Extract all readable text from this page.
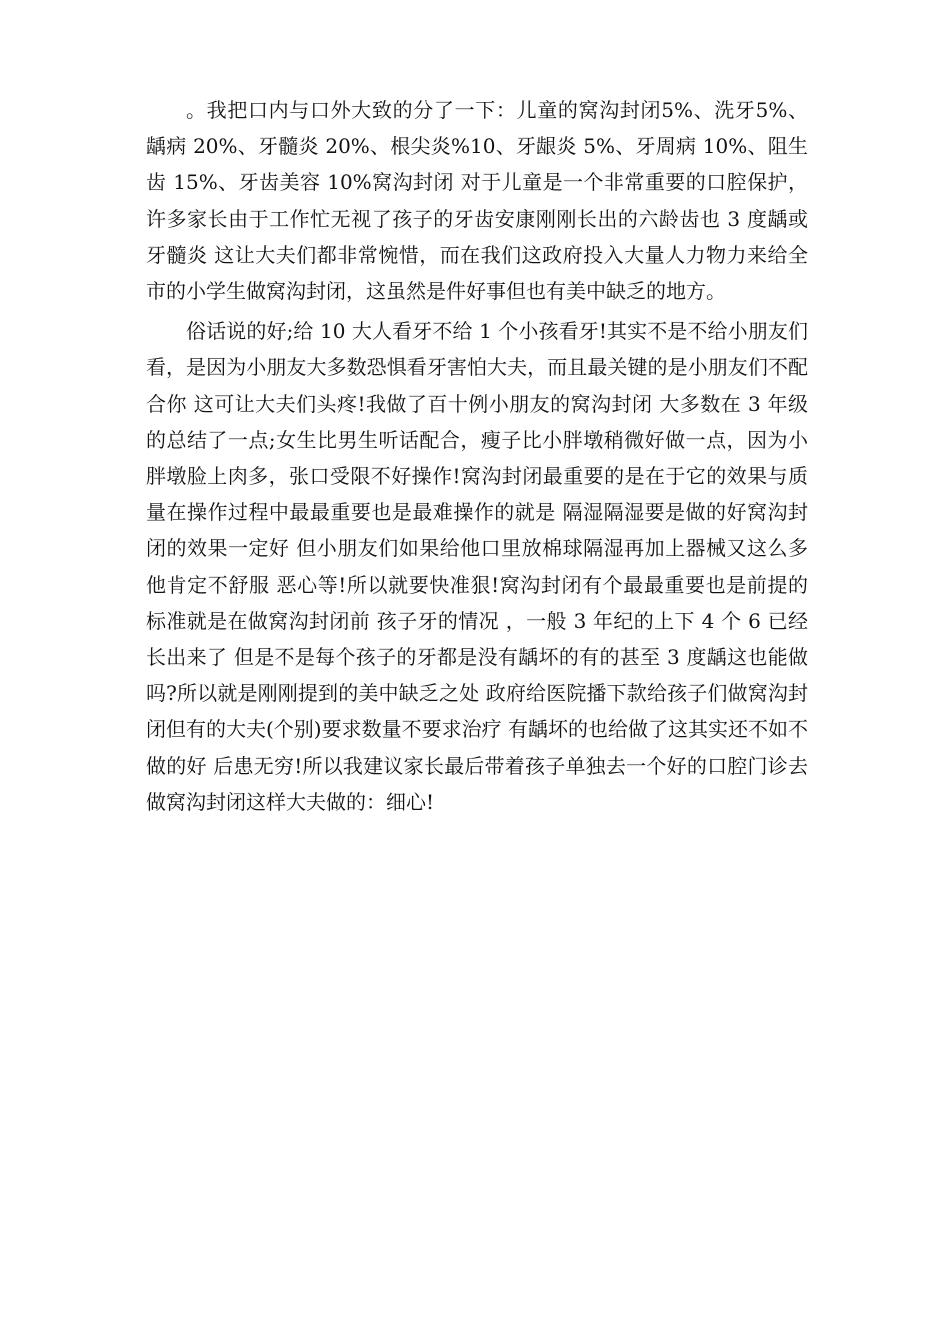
。我把口内与口外大致的分了一下：儿童的窝沟封闭5%、洗牙5%、龋病 20%、牙髓炎 20%、根尖炎%10、牙龈炎 5%、牙周病 10%、阻生齿 15%、牙齿美容 10%窝沟封闭 对于儿童是一个非常重要的口腔保护，许多家长由于工作忙无视了孩子的牙齿安康刚刚长出的六龄齿也 3 度龋或牙髓炎 这让大夫们都非常惋惜，而在我们这政府投入大量人力物力来给全市的小学生做窝沟封闭，这虽然是件好事但也有美中缺乏的地方。

俗话说的好;给 10 大人看牙不给 1 个小孩看牙!其实不是不给小朋友们看，是因为小朋友大多数恐惧看牙害怕大夫，而且最关键的是小朋友们不配合你 这可让大夫们头疼!我做了百十例小朋友的窝沟封闭 大多数在 3 年级的总结了一点;女生比男生听话配合，瘦子比小胖墩稍微好做一点，因为小胖墩脸上肉多，张口受限不好操作!窝沟封闭最重要的是在于它的效果与质量在操作过程中最最重要也是最难操作的就是 隔湿隔湿要是做的好窝沟封闭的效果一定好 但小朋友们如果给他口里放棉球隔湿再加上器械又这么多他肯定不舒服 恶心等!所以就要快准狠!窝沟封闭有个最最重要也是前提的标准就是在做窝沟封闭前 孩子牙的情况 ，一般 3 年纪的上下 4 个 6 已经长出来了 但是不是每个孩子的牙都是没有龋坏的有的甚至 3 度龋这也能做吗?所以就是刚刚提到的美中缺乏之处 政府给医院播下款给孩子们做窝沟封闭但有的大夫(个别)要求数量不要求治疗 有龋坏的也给做了这其实还不如不做的好 后患无穷!所以我建议家长最后带着孩子单独去一个好的口腔门诊去做窝沟封闭这样大夫做的：细心!
